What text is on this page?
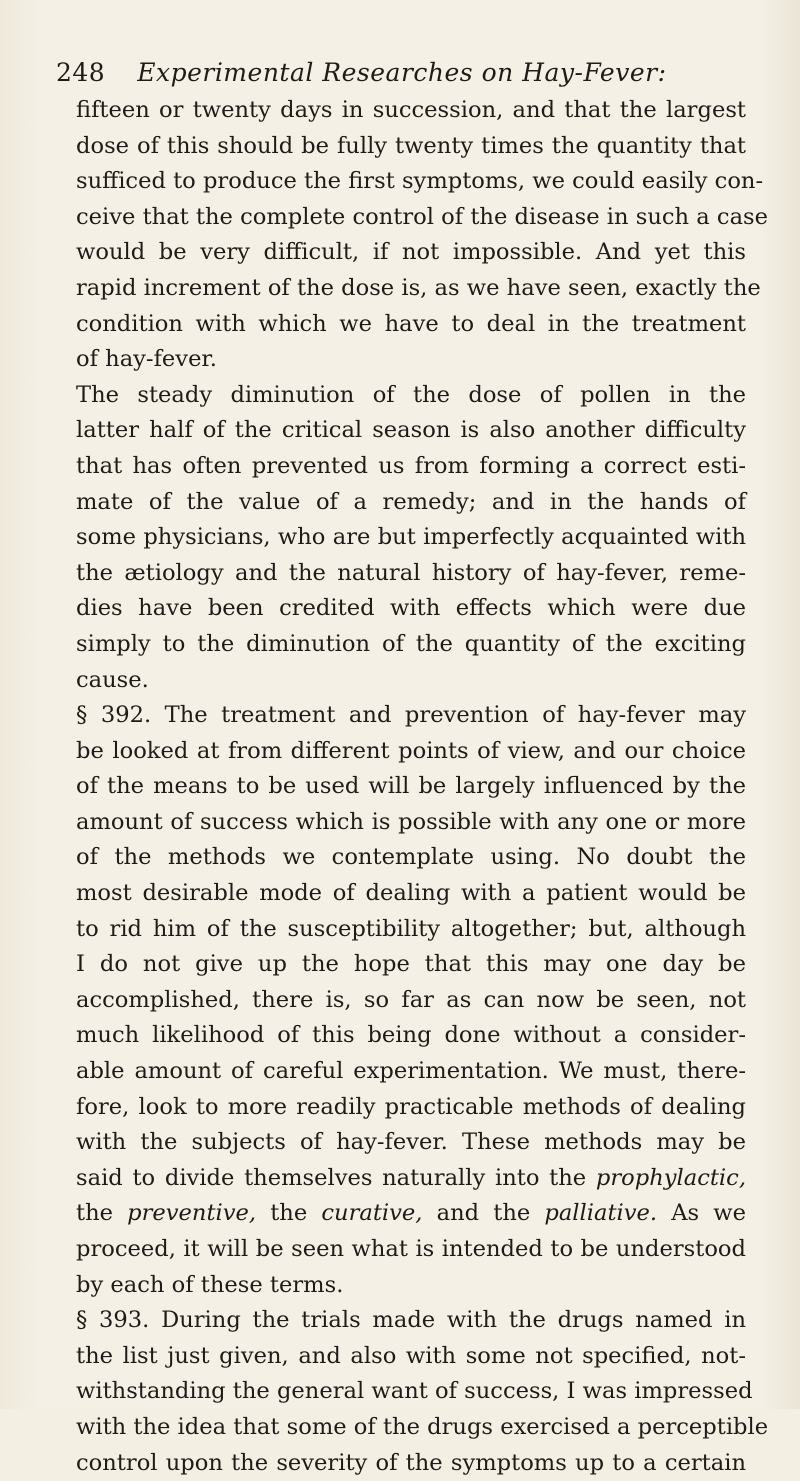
248 Experimental Researches on Hay-Fever:
fifteen or twenty days in succession, and that the largest
dose of this should be fully twenty times the quantity that
sufficed to produce the first symptoms, we could easily con-
ceive that the complete control of the disease in such a case
would be very difficult, if not impossible. And yet this
rapid increment of the dose is, as we have seen, exactly the
condition with which we have to deal in the treatment
of hay-fever.
The steady diminution of the dose of pollen in the
latter half of the critical season is also another difficulty
that has often prevented us from forming a correct esti-
mate of the value of a remedy; and in the hands of
some physicians, who are but imperfectly acquainted with
the ætiology and the natural history of hay-fever, reme-
dies have been credited with effects which were due
simply to the diminution of the quantity of the exciting
cause.
§ 392. The treatment and prevention of hay-fever may
be looked at from different points of view, and our choice
of the means to be used will be largely influenced by the
amount of success which is possible with any one or more
of the methods we contemplate using. No doubt the
most desirable mode of dealing with a patient would be
to rid him of the susceptibility altogether; but, although
I do not give up the hope that this may one day be
accomplished, there is, so far as can now be seen, not
much likelihood of this being done without a consider-
able amount of careful experimentation. We must, there-
fore, look to more readily practicable methods of dealing
with the subjects of hay-fever. These methods may be
said to divide themselves naturally into the prophylactic,
the preventive, the curative, and the palliative. As we
proceed, it will be seen what is intended to be understood
by each of these terms.
§ 393. During the trials made with the drugs named in
the list just given, and also with some not specified, not-
withstanding the general want of success, I was impressed
with the idea that some of the drugs exercised a perceptible
control upon the severity of the symptoms up to a certain
